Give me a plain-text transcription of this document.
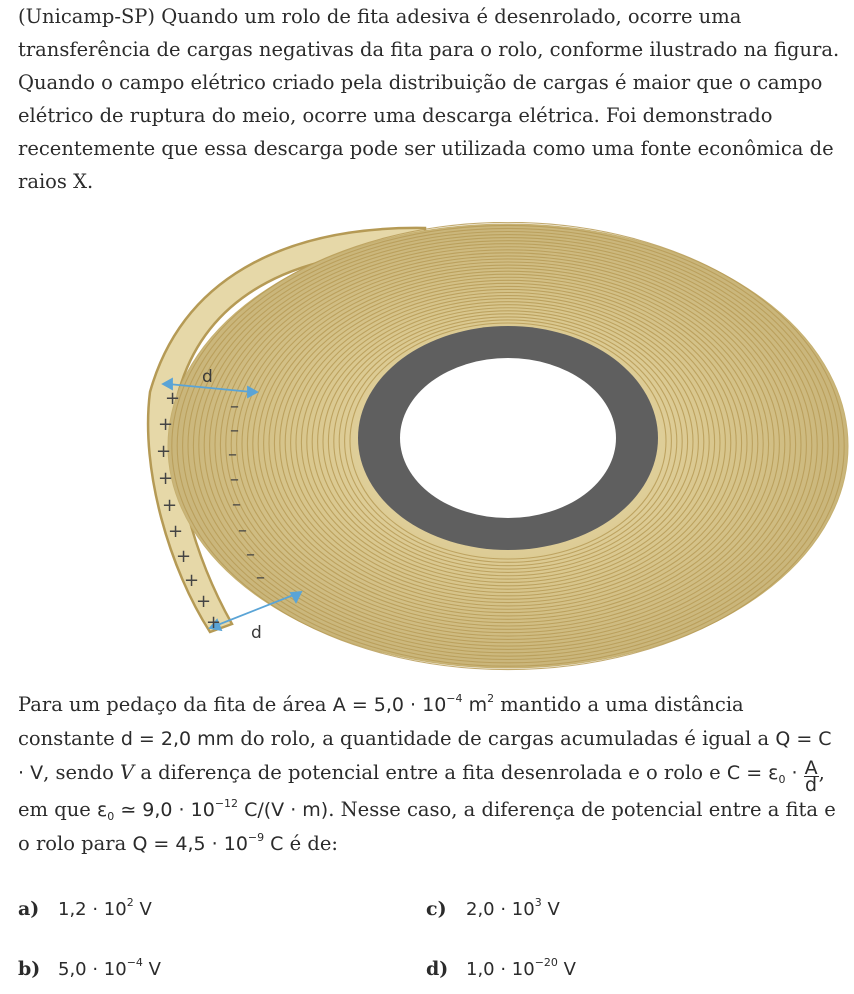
(Unicamp-SP) Quando um rolo de fita adesiva é desenrolado, ocorre uma transferência de cargas negativas da fita para o rolo, conforme ilustrado na figura. Quando o campo elétrico criado pela distribuição de cargas é maior que o campo elétrico de ruptura do meio, ocorre uma descarga elétrica. Foi demonstrado recentemente que essa descarga pode ser utilizada como uma fonte econômica de raios X.

d
d
+
+
+
+
+
+
+
+
+
+
–
–
–
–
–
–
–
–

Para um pedaço da fita de área $A = 5,0 \cdot 10^{-4}$ $m^2$ mantido a uma distância constante d = 2,0 mm do rolo, a quantidade de cargas acumuladas é igual a Q = C · V, sendo V a diferença de potencial entre a fita desenrolada e o rolo e $C = \varepsilon_0 \cdot \frac{A}{d}$ , em que $\varepsilon_0$ ≃ $9,0 \cdot 10^{-12}$ C/(V · m). Nesse caso, a diferença de potencial entre a fita e o rolo para $Q = 4,5 \cdot 10^{-9}$ C é de:

a) $1,2 \cdot 10^2$ V
b) $5,0 \cdot 10^{-4}$ V
c) $2,0 \cdot 10^3$ V
d) $1,0 \cdot 10^{-20}$ V
